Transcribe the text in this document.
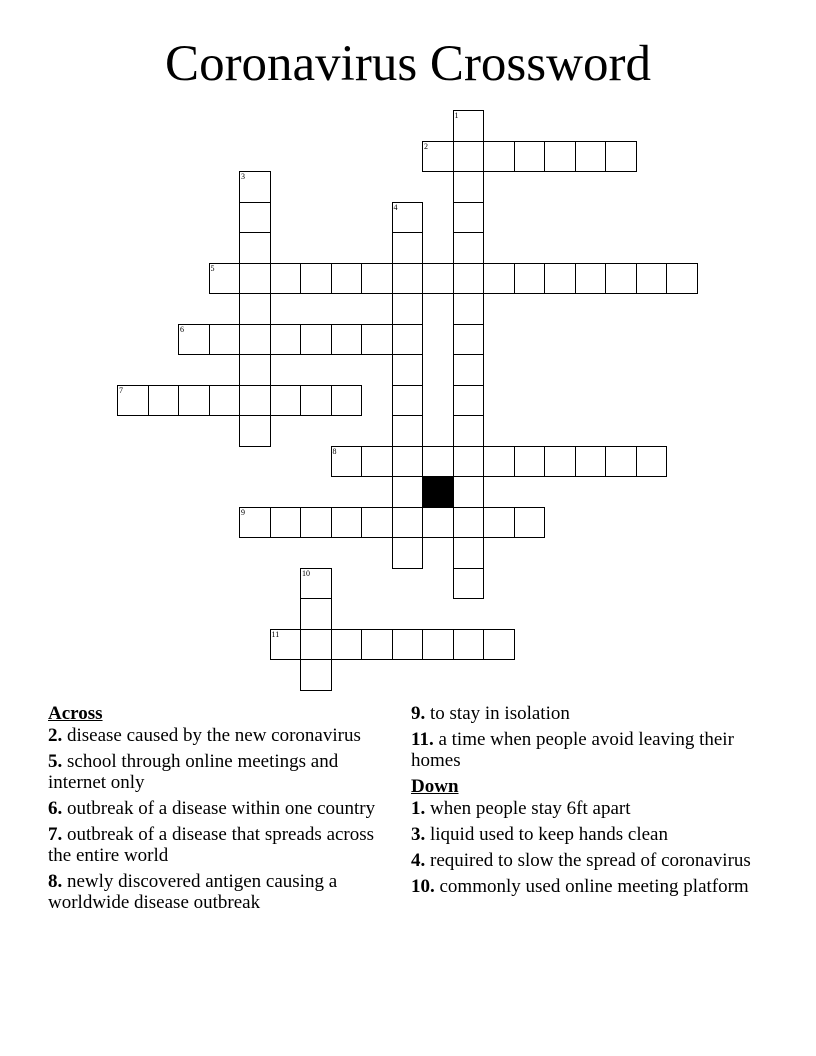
Coronavirus Crossword
1
2
3
4
5
6
7
8
9
10
11
Across
2. disease caused by the new coronavirus
5. school through online meetings and internet only
6. outbreak of a disease within one country
7. outbreak of a disease that spreads across the entire world
8. newly discovered antigen causing a worldwide disease outbreak
9. to stay in isolation
11. a time when people avoid leaving their homes
Down
1. when people stay 6ft apart
3. liquid used to keep hands clean
4. required to slow the spread of coronavirus
10. commonly used online meeting platform
